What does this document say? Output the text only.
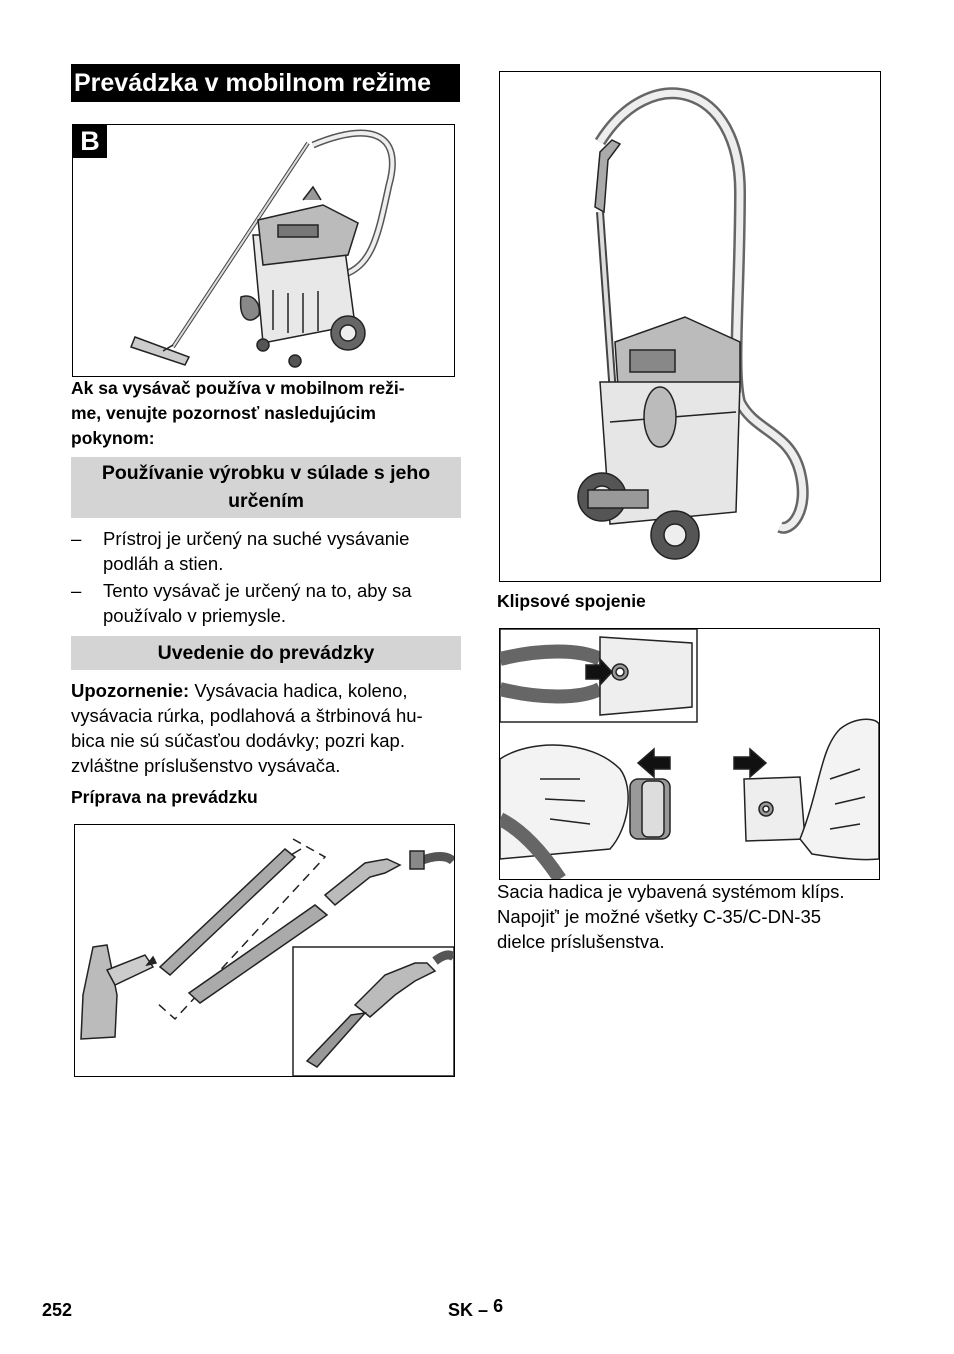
Prevádzka v mobilnom režime
B
Ak sa vysávač používa v mobilnom reži-
me, venujte pozornosť nasledujúcim
pokynom:
Používanie výrobku v súlade s jeho
určením
– Prístroj je určený na suché vysávanie
podláh a stien.
– Tento vysávač je určený na to, aby sa
používalo v priemysle.
Uvedenie do prevádzky
Upozornenie: Vysávacia hadica, koleno,
vysávacia rúrka, podlahová a štrbinová hu-
bica nie sú súčasťou dodávky; pozri kap.
zvláštne príslušenstvo vysávača.
Príprava na prevádzku
Klipsové spojenie
Sacia hadica je vybavená systémom klíps.
Napojiť' je možné všetky C-35/C-DN-35
dielce príslušenstva.
252	SK – 6
